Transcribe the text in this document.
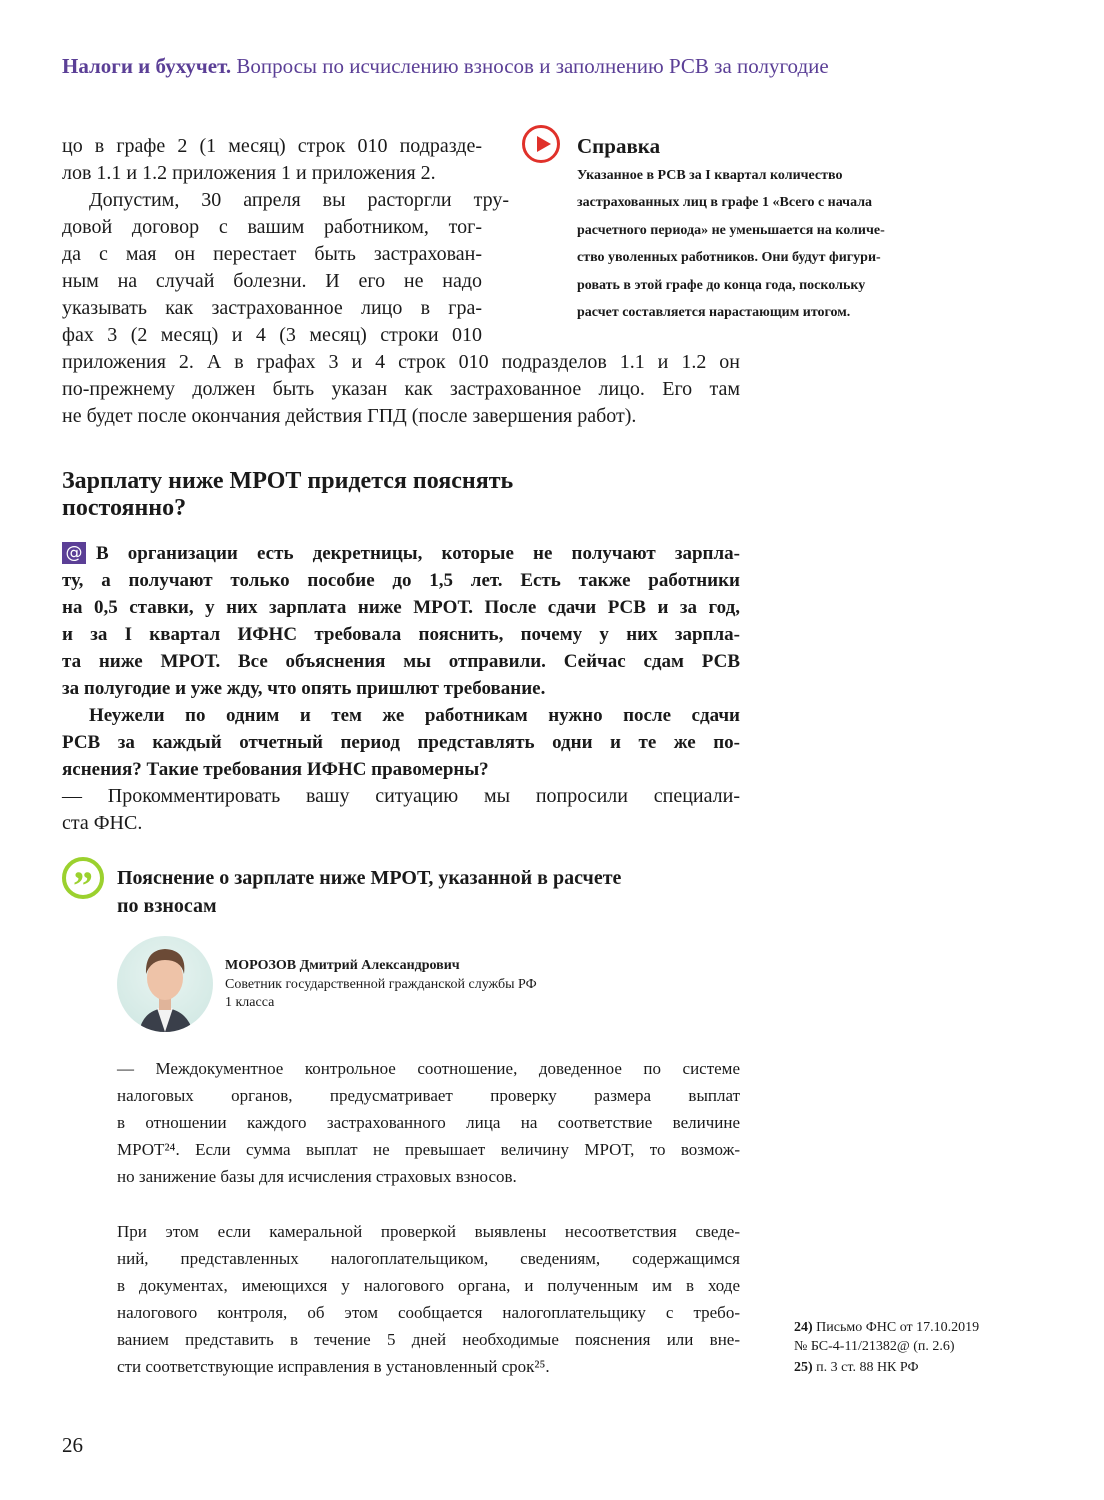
Налоги и бухучет. Вопросы по исчислению взносов и заполнению РСВ за полугодие
цо в графе 2 (1 месяц) строк 010 подразде-
лов 1.1 и 1.2 приложения 1 и приложения 2.
Допустим, 30 апреля вы расторгли тру-
довой договор с вашим работником, тог-
да с мая он перестает быть застрахован-
ным на случай болезни. И его не надо
указывать как застрахованное лицо в гра-
фах 3 (2 месяц) и 4 (3 месяц) строки 010
приложения 2. А в графах 3 и 4 строк 010 подразделов 1.1 и 1.2 он
по-прежнему должен быть указан как застрахованное лицо. Его там
не будет после окончания действия ГПД (после завершения работ).
Справка
Указанное в РСВ за I квартал количество
застрахованных лиц в графе 1 «Всего с начала
расчетного периода» не уменьшается на количе-
ство уволенных работников. Они будут фигури-
ровать в этой графе до конца года, поскольку
расчет составляется нарастающим итогом.
Зарплату ниже МРОТ придется пояснять
постоянно?
@ В организации есть декретницы, которые не получают зарпла-
ту, а получают только пособие до 1,5 лет. Есть также работники
на 0,5 ставки, у них зарплата ниже МРОТ. После сдачи РСВ и за год,
и за I квартал ИФНС требовала пояснить, почему у них зарпла-
та ниже МРОТ. Все объяснения мы отправили. Сейчас сдам РСВ
за полугодие и уже жду, что опять пришлют требование.
Неужели по одним и тем же работникам нужно после сдачи
РСВ за каждый отчетный период представлять одни и те же по-
яснения? Такие требования ИФНС правомерны?
— Прокомментировать вашу ситуацию мы попросили специали-
ста ФНС.
”	Пояснение о зарплате ниже МРОТ, указанной в расчете
по взносам
МОРОЗОВ Дмитрий Александрович
Советник государственной гражданской службы РФ
1 класса
— Междокументное контрольное соотношение, доведенное по системе
налоговых органов, предусматривает проверку размера выплат
в отношении каждого застрахованного лица на соответствие величине
МРОТ²⁴. Если сумма выплат не превышает величину МРОТ, то возмож-
но занижение базы для исчисления страховых взносов.
При этом если камеральной проверкой выявлены несоответствия сведе-
ний, представленных налогоплательщиком, сведениям, содержащимся
в документах, имеющихся у налогового органа, и полученным им в ходе
налогового контроля, об этом сообщается налогоплательщику с требо-
ванием представить в течение 5 дней необходимые пояснения или вне-
сти соответствующие исправления в установленный срок²⁵.
24) Письмо ФНС от 17.10.2019
№ БС-4-11/21382@ (п. 2.6)
25) п. 3 ст. 88 НК РФ
26
